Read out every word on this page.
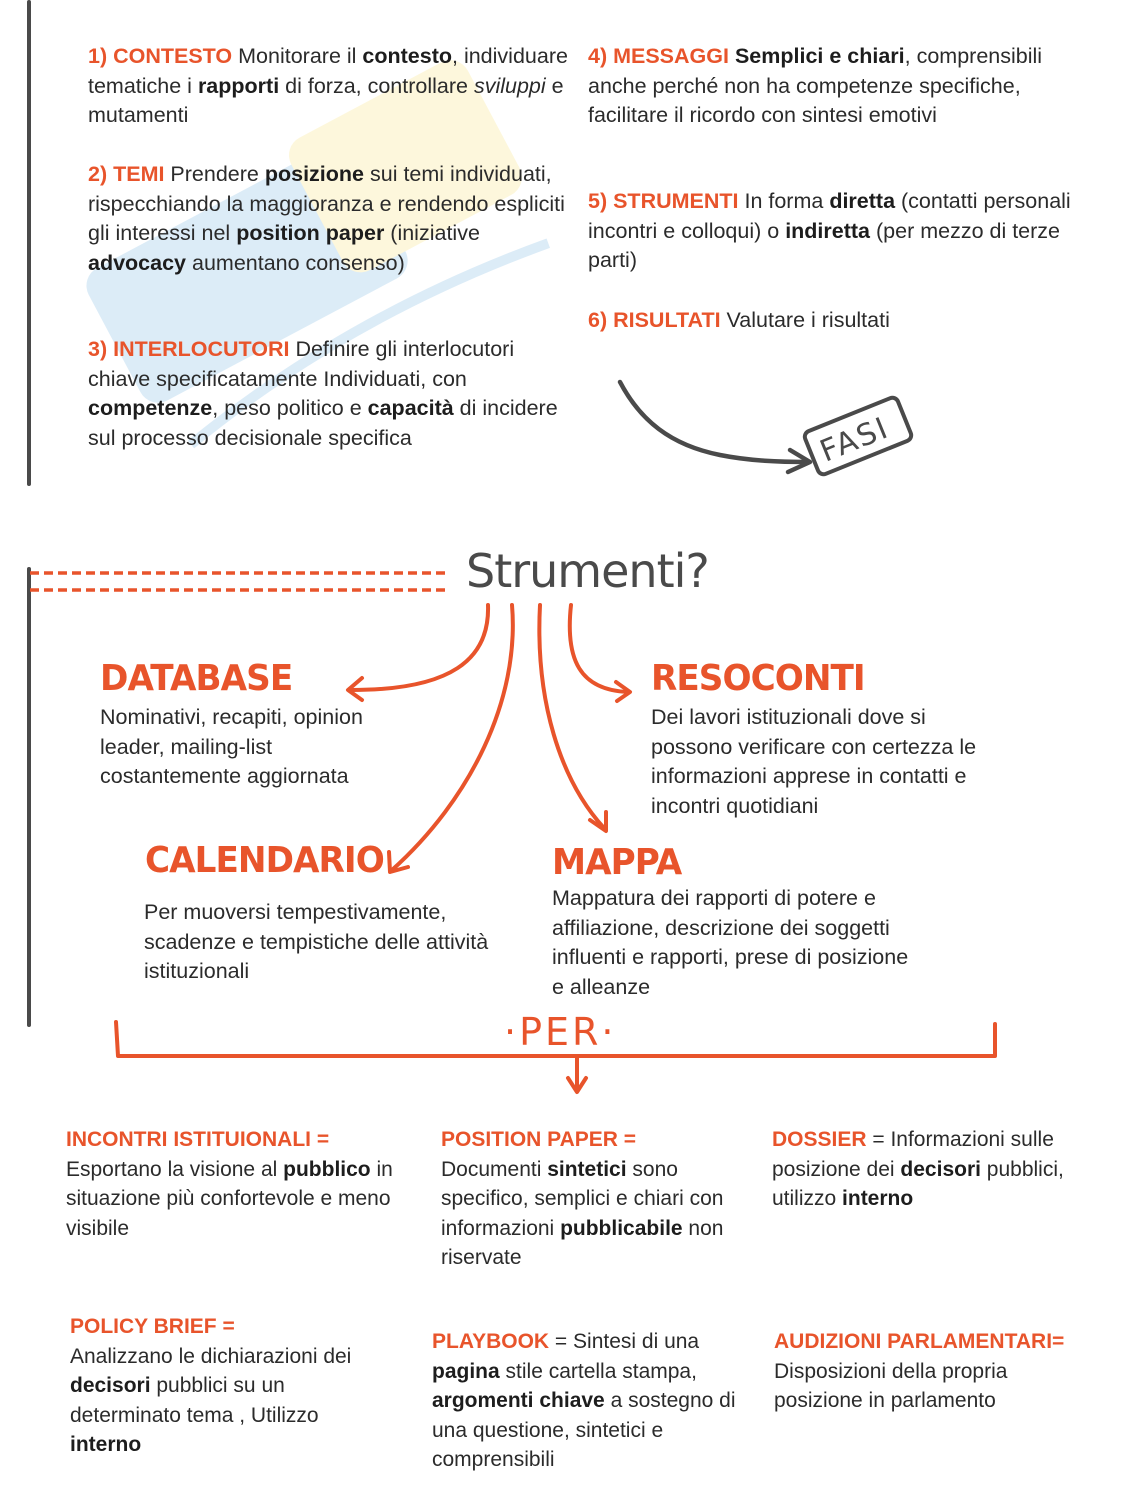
1) CONTESTO Monitorare il contesto, individuare tematiche i rapporti di forza, controllare sviluppi e mutamenti
2) TEMI Prendere posizione sui temi individuati, rispecchiando la maggioranza e rendendo espliciti gli interessi nel position paper (iniziative advocacy aumentano consenso)
3) INTERLOCUTORI Definire gli interlocutori chiave specificatamente Individuati, con competenze, peso politico e capacità di incidere sul processo decisionale specifica
4) MESSAGGI Semplici e chiari, comprensibili anche perché non ha competenze specifiche, facilitare il ricordo con sintesi emotivi
5) STRUMENTI In forma diretta (contatti personali incontri e colloqui) o indiretta (per mezzo di terze parti)
6) RISULTATI Valutare i risultati
FASI
Strumenti?
DATABASE
Nominativi, recapiti, opinion leader, mailing-list costantemente aggiornata
RESOCONTI
Dei lavori istituzionali dove si possono verificare con certezza le informazioni apprese in contatti e incontri quotidiani
CALENDARIO
Per muoversi tempestivamente, scadenze e tempistiche delle attività istituzionali
MAPPA
Mappatura dei rapporti di potere e affiliazione, descrizione dei soggetti influenti e rapporti, prese di posizione e alleanze
·PER·
INCONTRI ISTITUIONALI =
Esportano la visione al pubblico in situazione più confortevole e meno visibile
POSITION PAPER =
Documenti sintetici sono specifico, semplici e chiari con informazioni pubblicabile non riservate
DOSSIER = Informazioni sulle posizione dei decisori pubblici, utilizzo interno
POLICY BRIEF =
Analizzano le dichiarazioni dei decisori pubblici su un determinato tema , Utilizzo interno
PLAYBOOK = Sintesi di una pagina stile cartella stampa, argomenti chiave a sostegno di una questione, sintetici e comprensibili
AUDIZIONI PARLAMENTARI=
Disposizioni della propria posizione in parlamento
